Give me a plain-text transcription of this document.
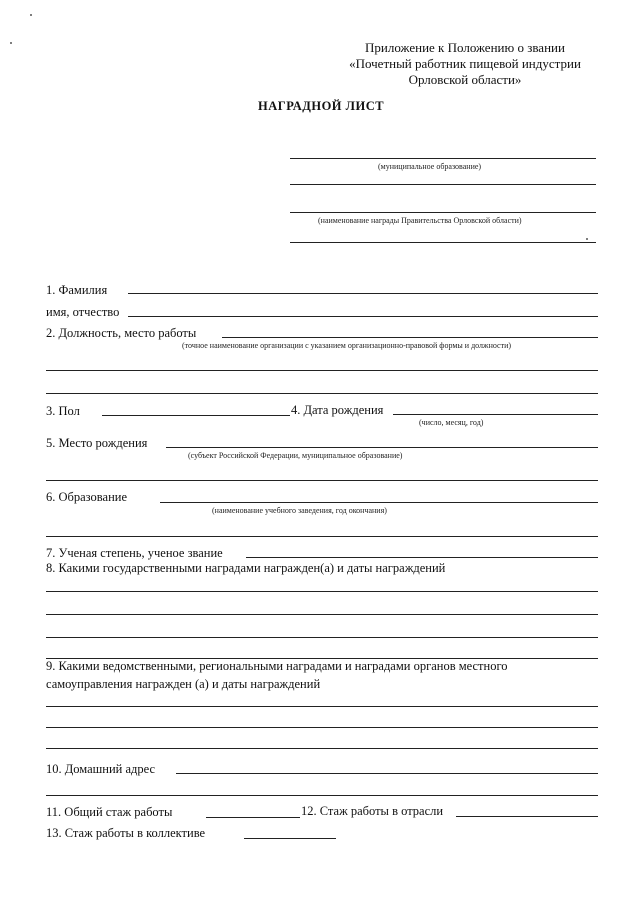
Приложение к Положению о звании
«Почетный работник пищевой индустрии
Орловской области»
НАГРАДНОЙ ЛИСТ
(муниципальное образование)
(наименование награды Правительства Орловской области)
1. Фамилия
имя, отчество
2. Должность, место работы
(точное наименование организации с указанием организационно-правовой формы и должности)
3. Пол	4. Дата рождения
(число, месяц, год)
5. Место рождения
(субъект Российской Федерации, муниципальное образование)
6. Образование
(наименование учебного заведения, год окончания)
7. Ученая степень, ученое звание
8. Какими государственными наградами награжден(а) и даты награждений
9. Какими ведомственными, региональными наградами и наградами органов местного
самоуправления награжден (а) и даты награждений
10. Домашний адрес
11. Общий стаж работы	12. Стаж работы в отрасли
13. Стаж работы в коллективе
